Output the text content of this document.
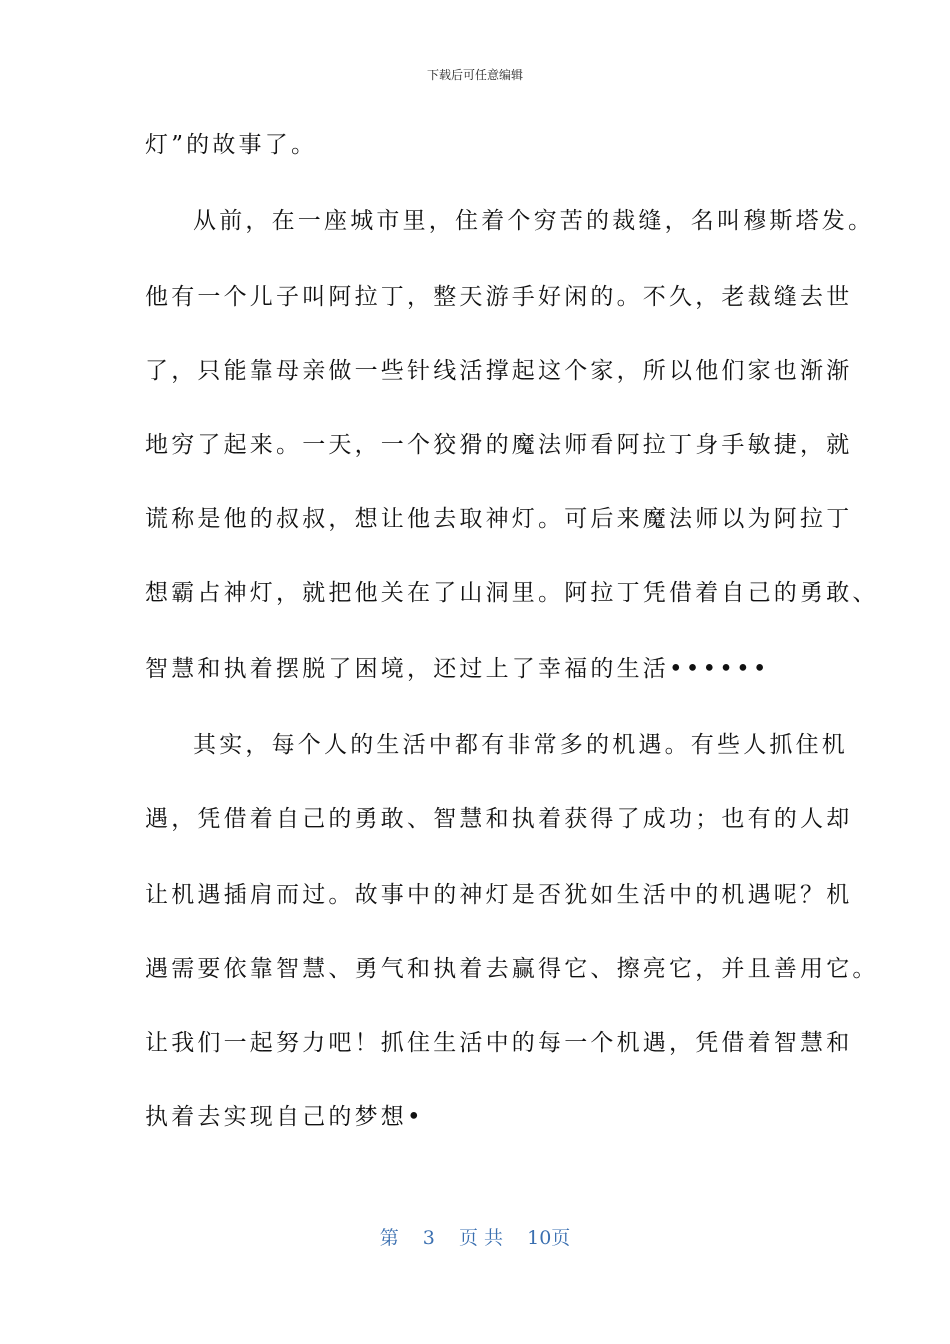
下载后可任意编辑
灯”的故事了。
从前，在一座城市里，住着个穷苦的裁缝，名叫穆斯塔发。
他有一个儿子叫阿拉丁，整天游手好闲的。不久，老裁缝去世
了，只能靠母亲做一些针线活撑起这个家，所以他们家也渐渐
地穷了起来。一天，一个狡猾的魔法师看阿拉丁身手敏捷，就
谎称是他的叔叔，想让他去取神灯。可后来魔法师以为阿拉丁
想霸占神灯，就把他关在了山洞里。阿拉丁凭借着自己的勇敢、
智慧和执着摆脱了困境，还过上了幸福的生活••••••
其实，每个人的生活中都有非常多的机遇。有些人抓住机
遇，凭借着自己的勇敢、智慧和执着获得了成功；也有的人却
让机遇插肩而过。故事中的神灯是否犹如生活中的机遇呢？机
遇需要依靠智慧、勇气和执着去赢得它、擦亮它，并且善用它。
让我们一起努力吧！抓住生活中的每一个机遇，凭借着智慧和
执着去实现自己的梦想•
第 3 页 共 10页
